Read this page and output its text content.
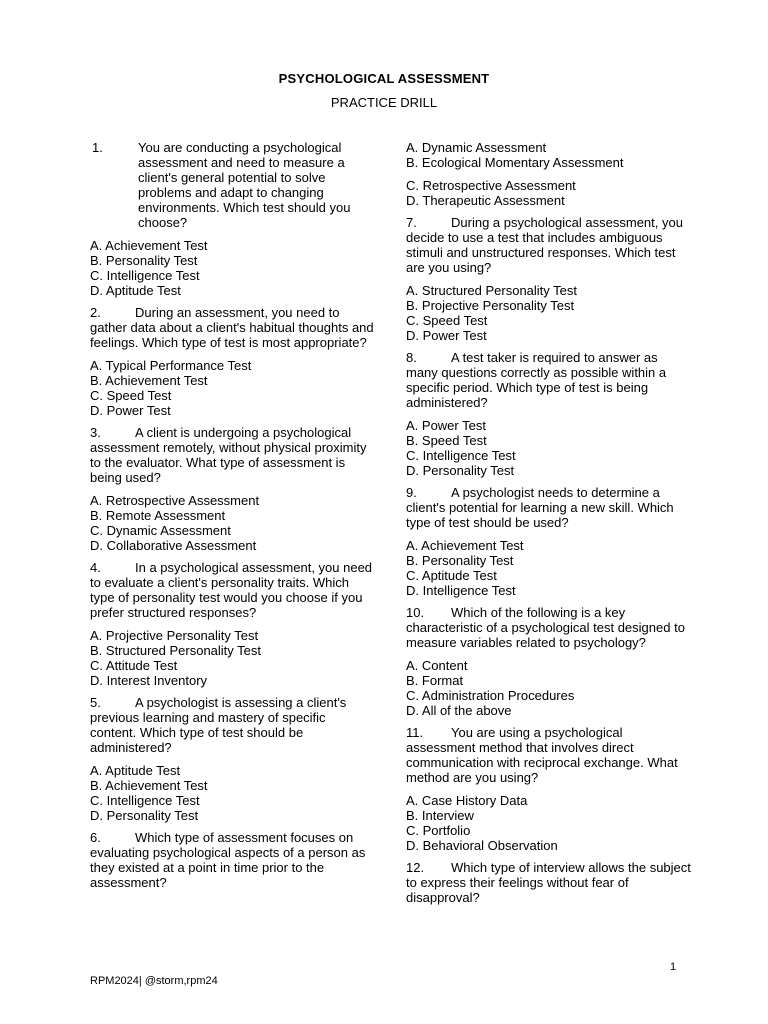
PSYCHOLOGICAL ASSESSMENT
PRACTICE DRILL

1.	You are conducting a psychological assessment and need to measure a client's general potential to solve problems and adapt to changing environments. Which test should you choose?

A. Achievement Test
B. Personality Test
C. Intelligence Test
D. Aptitude Test

2.	During an assessment, you need to gather data about a client's habitual thoughts and feelings. Which type of test is most appropriate?

A. Typical Performance Test
B. Achievement Test
C. Speed Test
D. Power Test

3.	A client is undergoing a psychological assessment remotely, without physical proximity to the evaluator. What type of assessment is being used?

A. Retrospective Assessment
B. Remote Assessment
C. Dynamic Assessment
D. Collaborative Assessment

4.	In a psychological assessment, you need to evaluate a client's personality traits. Which type of personality test would you choose if you prefer structured responses?

A. Projective Personality Test
B. Structured Personality Test
C. Attitude Test
D. Interest Inventory

5.	A psychologist is assessing a client's previous learning and mastery of specific content. Which type of test should be administered?

A. Aptitude Test
B. Achievement Test
C. Intelligence Test
D. Personality Test

6.	Which type of assessment focuses on evaluating psychological aspects of a person as they existed at a point in time prior to the assessment?

A. Dynamic Assessment
B. Ecological Momentary Assessment
C. Retrospective Assessment
D. Therapeutic Assessment

7.	During a psychological assessment, you decide to use a test that includes ambiguous stimuli and unstructured responses. Which test are you using?

A. Structured Personality Test
B. Projective Personality Test
C. Speed Test
D. Power Test

8.	A test taker is required to answer as many questions correctly as possible within a specific period. Which type of test is being administered?

A. Power Test
B. Speed Test
C. Intelligence Test
D. Personality Test

9.	A psychologist needs to determine a client's potential for learning a new skill. Which type of test should be used?

A. Achievement Test
B. Personality Test
C. Aptitude Test
D. Intelligence Test

10. Which of the following is a key characteristic of a psychological test designed to measure variables related to psychology?

A. Content
B. Format
C. Administration Procedures
D. All of the above

11. You are using a psychological assessment method that involves direct communication with reciprocal exchange. What method are you using?

A. Case History Data
B. Interview
C. Portfolio
D. Behavioral Observation

12. Which type of interview allows the subject to express their feelings without fear of disapproval?

1
RPM2024| @storm,rpm24
